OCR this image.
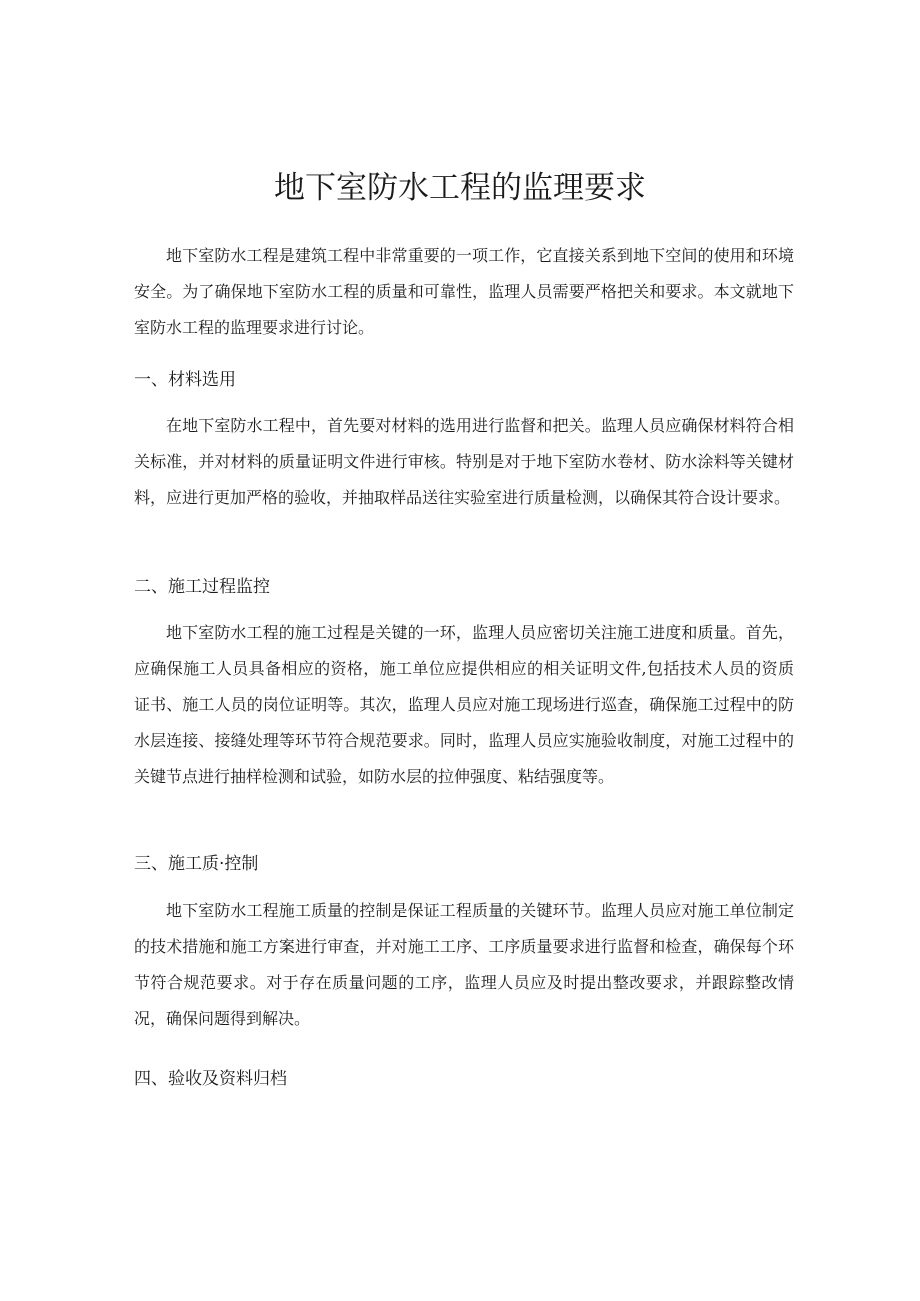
地下室防水工程的监理要求

地下室防水工程是建筑工程中非常重要的一项工作，它直接关系到地下空间的使用和环境安全。为了确保地下室防水工程的质量和可靠性，监理人员需要严格把关和要求。本文就地下室防水工程的监理要求进行讨论。

一、材料选用

在地下室防水工程中，首先要对材料的选用进行监督和把关。监理人员应确保材料符合相关标准，并对材料的质量证明文件进行审核。特别是对于地下室防水卷材、防水涂料等关键材料，应进行更加严格的验收，并抽取样品送往实验室进行质量检测，以确保其符合设计要求。

二、施工过程监控

地下室防水工程的施工过程是关键的一环，监理人员应密切关注施工进度和质量。首先，应确保施工人员具备相应的资格，施工单位应提供相应的相关证明文件,包括技术人员的资质证书、施工人员的岗位证明等。其次，监理人员应对施工现场进行巡查，确保施工过程中的防水层连接、接缝处理等环节符合规范要求。同时，监理人员应实施验收制度，对施工过程中的关键节点进行抽样检测和试验，如防水层的拉伸强度、粘结强度等。

三、施工质·控制

地下室防水工程施工质量的控制是保证工程质量的关键环节。监理人员应对施工单位制定的技术措施和施工方案进行审查，并对施工工序、工序质量要求进行监督和检查，确保每个环节符合规范要求。对于存在质量问题的工序，监理人员应及时提出整改要求，并跟踪整改情况，确保问题得到解决。

四、验收及资料归档
